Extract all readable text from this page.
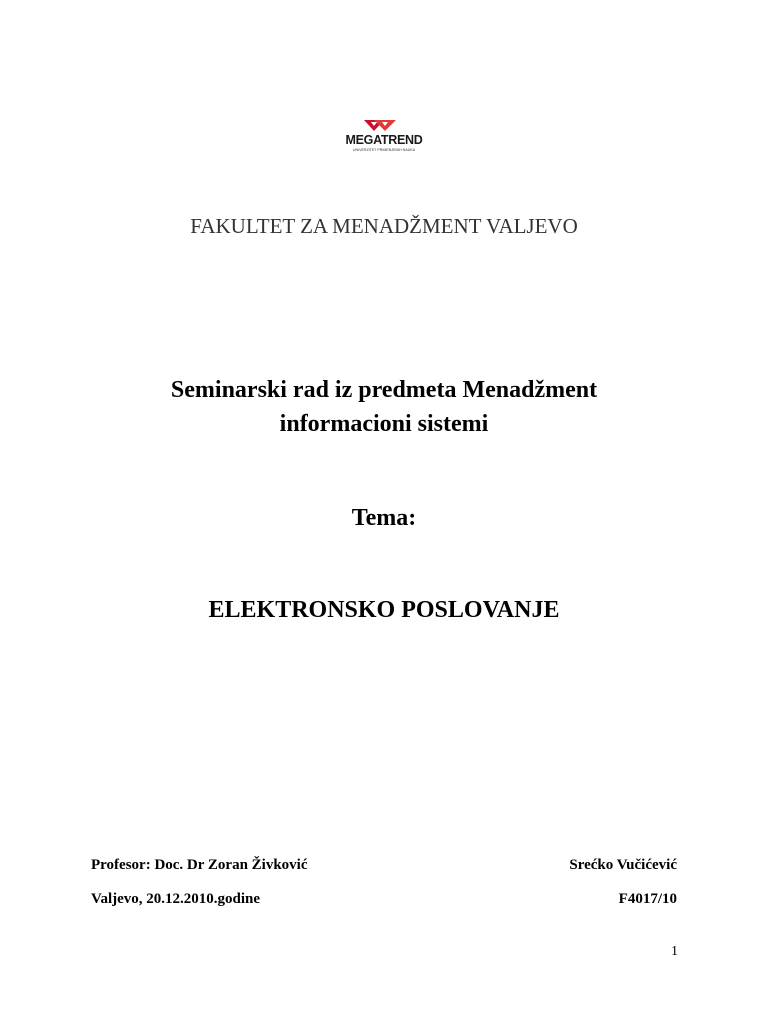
MEGATREND
UNIVERZITET PRIMENJENIH NAUKA
FAKULTET ZA MENADŽMENT VALJEVO
Seminarski rad iz predmeta Menadžment
informacioni sistemi
Tema:
ELEKTRONSKO POSLOVANJE
Profesor: Doc. Dr Zoran Živković
Valjevo, 20.12.2010.godine
Srećko Vučićević
F4017/10
1
